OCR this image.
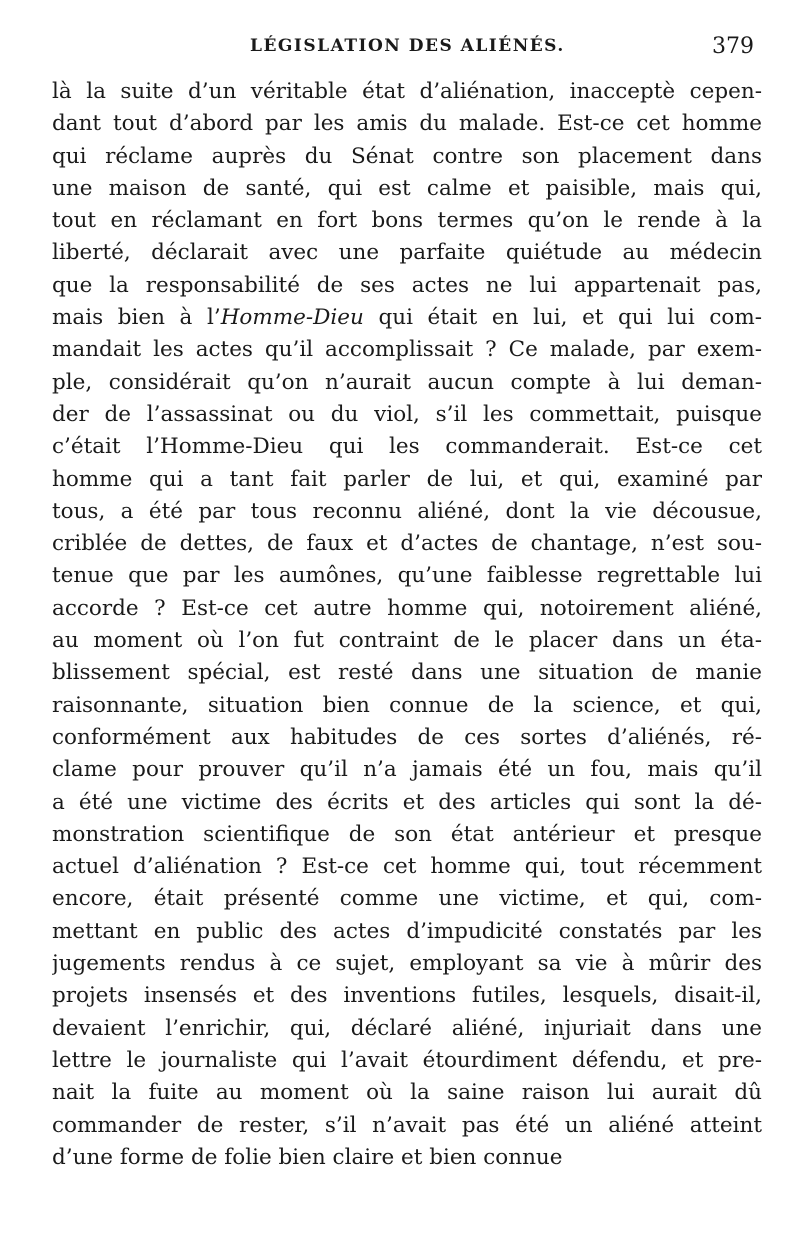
LÉGISLATION DES ALIÉNÉS.	379
là la suite d’un véritable état d’aliénation, inacceptè cepen-
dant tout d’abord par les amis du malade. Est-ce cet homme
qui réclame auprès du Sénat contre son placement dans
une maison de santé, qui est calme et paisible, mais qui,
tout en réclamant en fort bons termes qu’on le rende à la
liberté, déclarait avec une parfaite quiétude au médecin
que la responsabilité de ses actes ne lui appartenait pas,
mais bien à l’Homme-Dieu qui était en lui, et qui lui com-
mandait les actes qu’il accomplissait ? Ce malade, par exem-
ple, considérait qu’on n’aurait aucun compte à lui deman-
der de l’assassinat ou du viol, s’il les commettait, puisque
c’était l’Homme-Dieu qui les commanderait. Est-ce cet
homme qui a tant fait parler de lui, et qui, examiné par
tous, a été par tous reconnu aliéné, dont la vie décousue,
criblée de dettes, de faux et d’actes de chantage, n’est sou-
tenue que par les aumônes, qu’une faiblesse regrettable lui
accorde ? Est-ce cet autre homme qui, notoirement aliéné,
au moment où l’on fut contraint de le placer dans un éta-
blissement spécial, est resté dans une situation de manie
raisonnante, situation bien connue de la science, et qui,
conformément aux habitudes de ces sortes d’aliénés, ré-
clame pour prouver qu’il n’a jamais été un fou, mais qu’il
a été une victime des écrits et des articles qui sont la dé-
monstration scientifique de son état antérieur et presque
actuel d’aliénation ? Est-ce cet homme qui, tout récemment
encore, était présenté comme une victime, et qui, com-
mettant en public des actes d’impudicité constatés par les
jugements rendus à ce sujet, employant sa vie à mûrir des
projets insensés et des inventions futiles, lesquels, disait-il,
devaient l’enrichir, qui, déclaré aliéné, injuriait dans une
lettre le journaliste qui l’avait étourdiment défendu, et pre-
nait la fuite au moment où la saine raison lui aurait dû
commander de rester, s’il n’avait pas été un aliéné atteint
d’une forme de folie bien claire et bien connue
